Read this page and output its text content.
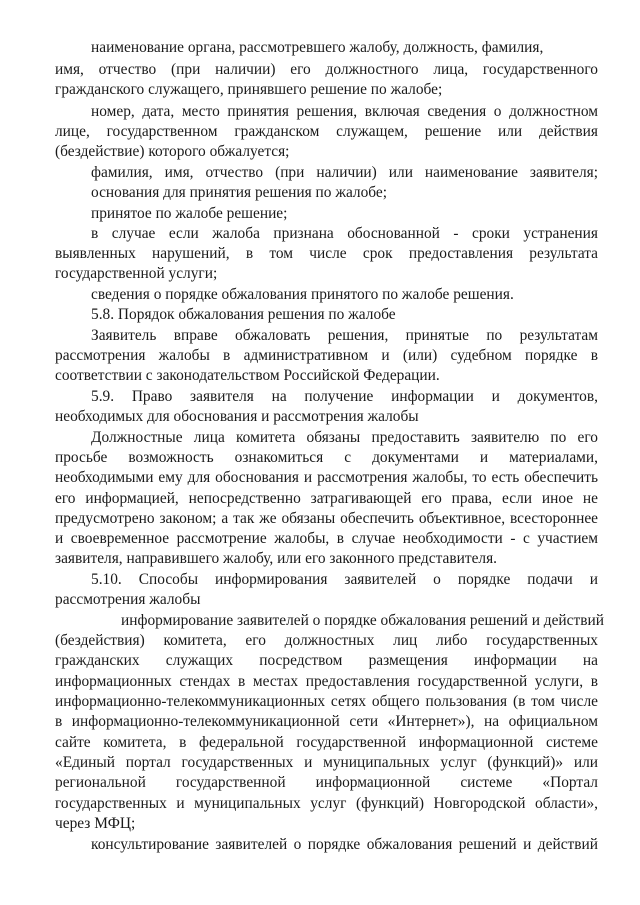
наименование органа, рассмотревшего жалобу, должность, фамилия,
имя, отчество (при наличии) его должностного лица, государственного
гражданского служащего, принявшего решение по жалобе;
номер, дата, место принятия решения, включая сведения о должностном
лице, государственном гражданском служащем, решение или действия
(бездействие) которого обжалуется;
фамилия, имя, отчество (при наличии) или наименование заявителя;
основания для принятия решения по жалобе;
принятое по жалобе решение;
в случае если жалоба признана обоснованной - сроки устранения
выявленных нарушений, в том числе срок предоставления результата
государственной услуги;
сведения о порядке обжалования принятого по жалобе решения.
5.8. Порядок обжалования решения по жалобе
Заявитель вправе обжаловать решения, принятые по результатам
рассмотрения жалобы в административном и (или) судебном порядке в
соответствии с законодательством Российской Федерации.
5.9. Право заявителя на получение информации и документов,
необходимых для обоснования и рассмотрения жалобы
Должностные лица комитета обязаны предоставить заявителю по его
просьбе возможность ознакомиться с документами и материалами,
необходимыми ему для обоснования и рассмотрения жалобы, то есть обеспечить
его информацией, непосредственно затрагивающей его права, если иное не
предусмотрено законом; а так же обязаны обеспечить объективное, всестороннее
и своевременное рассмотрение жалобы, в случае необходимости - с участием
заявителя, направившего жалобу, или его законного представителя.
5.10. Способы информирования заявителей о порядке подачи и
рассмотрения жалобы
информирование заявителей о порядке обжалования решений и действий
(бездействия) комитета, его должностных лиц либо государственных
гражданских служащих посредством размещения информации на
информационных стендах в местах предоставления государственной услуги, в
информационно-телекоммуникационных сетях общего пользования (в том числе
в информационно-телекоммуникационной сети «Интернет»), на официальном
сайте комитета, в федеральной государственной информационной системе
«Единый портал государственных и муниципальных услуг (функций)» или
региональной государственной информационной системе «Портал
государственных и муниципальных услуг (функций) Новгородской области»,
через МФЦ;
консультирование заявителей о порядке обжалования решений и действий
